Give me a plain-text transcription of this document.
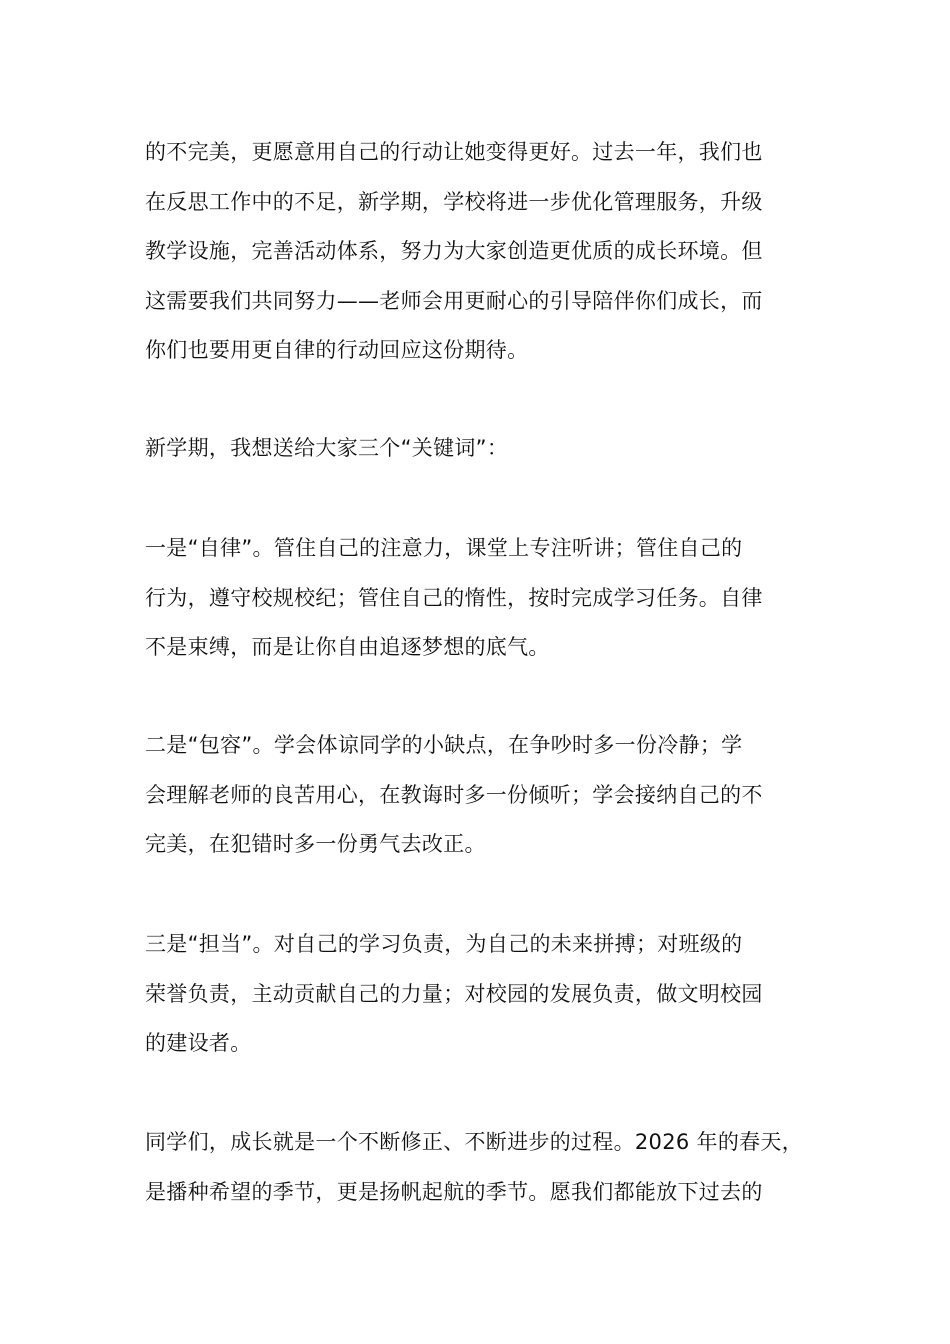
的不完美，更愿意用自己的行动让她变得更好。过去一年，我们也
在反思工作中的不足，新学期，学校将进一步优化管理服务，升级
教学设施，完善活动体系，努力为大家创造更优质的成长环境。但
这需要我们共同努力——老师会用更耐心的引导陪伴你们成长，而
你们也要用更自律的行动回应这份期待。
新学期，我想送给大家三个“关键词”：
一是“自律”。管住自己的注意力，课堂上专注听讲；管住自己的
行为，遵守校规校纪；管住自己的惰性，按时完成学习任务。自律
不是束缚，而是让你自由追逐梦想的底气。
二是“包容”。学会体谅同学的小缺点，在争吵时多一份冷静；学
会理解老师的良苦用心，在教诲时多一份倾听；学会接纳自己的不
完美，在犯错时多一份勇气去改正。
三是“担当”。对自己的学习负责，为自己的未来拼搏；对班级的
荣誉负责，主动贡献自己的力量；对校园的发展负责，做文明校园
的建设者。
同学们，成长就是一个不断修正、不断进步的过程。2026 年的春天，
是播种希望的季节，更是扬帆起航的季节。愿我们都能放下过去的
